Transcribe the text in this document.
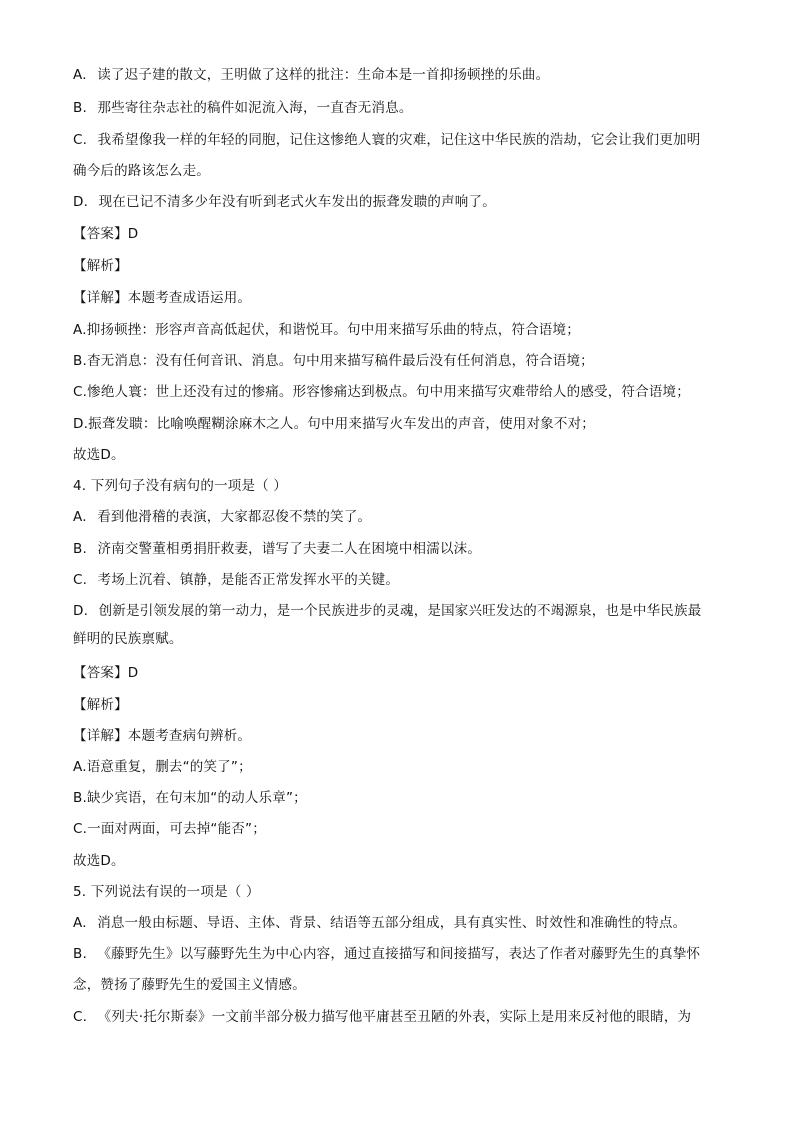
A. 读了迟子建的散文，王明做了这样的批注：生命本是一首抑扬顿挫的乐曲。
B. 那些寄往杂志社的稿件如泥流入海，一直杳无消息。
C. 我希望像我一样的年轻的同胞，记住这惨绝人寰的灾难，记住这中华民族的浩劫，它会让我们更加明
确今后的路该怎么走。
D. 现在已记不清多少年没有听到老式火车发出的振聋发聩的声响了。
【答案】D
【解析】
【详解】本题考查成语运用。
A.抑扬顿挫：形容声音高低起伏，和谐悦耳。句中用来描写乐曲的特点，符合语境；
B.杳无消息：没有任何音讯、消息。句中用来描写稿件最后没有任何消息，符合语境；
C.惨绝人寰：世上还没有过的惨痛。形容惨痛达到极点。句中用来描写灾难带给人的感受，符合语境；
D.振聋发聩：比喻唤醒糊涂麻木之人。句中用来描写火车发出的声音，使用对象不对；
故选D。
4. 下列句子没有病句的一项是（ ）
A. 看到他滑稽的表演，大家都忍俊不禁的笑了。
B. 济南交警董相勇捐肝救妻，谱写了夫妻二人在困境中相濡以沫。
C. 考场上沉着、镇静，是能否正常发挥水平的关键。
D. 创新是引领发展的第一动力，是一个民族进步的灵魂，是国家兴旺发达的不竭源泉，也是中华民族最
鲜明的民族禀赋。
【答案】D
【解析】
【详解】本题考查病句辨析。
A.语意重复，删去“的笑了”；
B.缺少宾语，在句末加“的动人乐章”；
C.一面对两面，可去掉“能否”；
故选D。
5. 下列说法有误的一项是（ ）
A. 消息一般由标题、导语、主体、背景、结语等五部分组成，具有真实性、时效性和准确性的特点。
B. 《藤野先生》以写藤野先生为中心内容，通过直接描写和间接描写，表达了作者对藤野先生的真挚怀
念，赞扬了藤野先生的爱国主义情感。
C. 《列夫·托尔斯泰》一文前半部分极力描写他平庸甚至丑陋的外表，实际上是用来反衬他的眼睛，为
